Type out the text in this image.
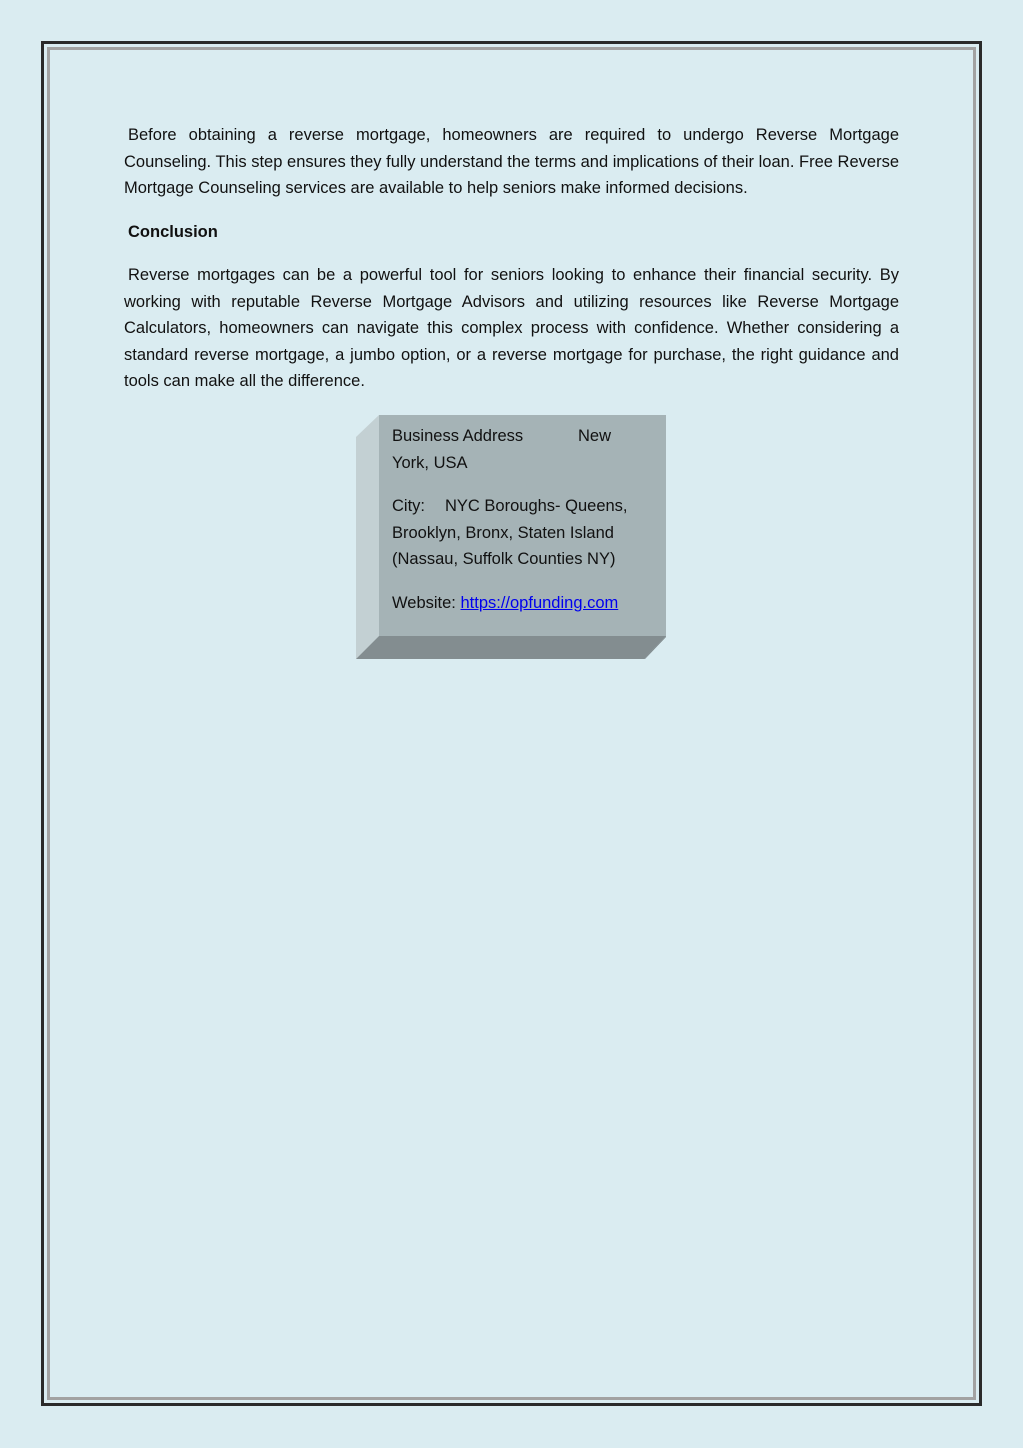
Before obtaining a reverse mortgage, homeowners are required to undergo Reverse Mortgage Counseling. This step ensures they fully understand the terms and implications of their loan. Free Reverse Mortgage Counseling services are available to help seniors make informed decisions.

Conclusion

Reverse mortgages can be a powerful tool for seniors looking to enhance their financial security. By working with reputable Reverse Mortgage Advisors and utilizing resources like Reverse Mortgage Calculators, homeowners can navigate this complex process with confidence. Whether considering a standard reverse mortgage, a jumbo option, or a reverse mortgage for purchase, the right guidance and tools can make all the difference.

Business Address	New
York, USA
City: NYC Boroughs- Queens,
Brooklyn, Bronx, Staten Island
(Nassau, Suffolk Counties NY)
Website: https://opfunding.com
